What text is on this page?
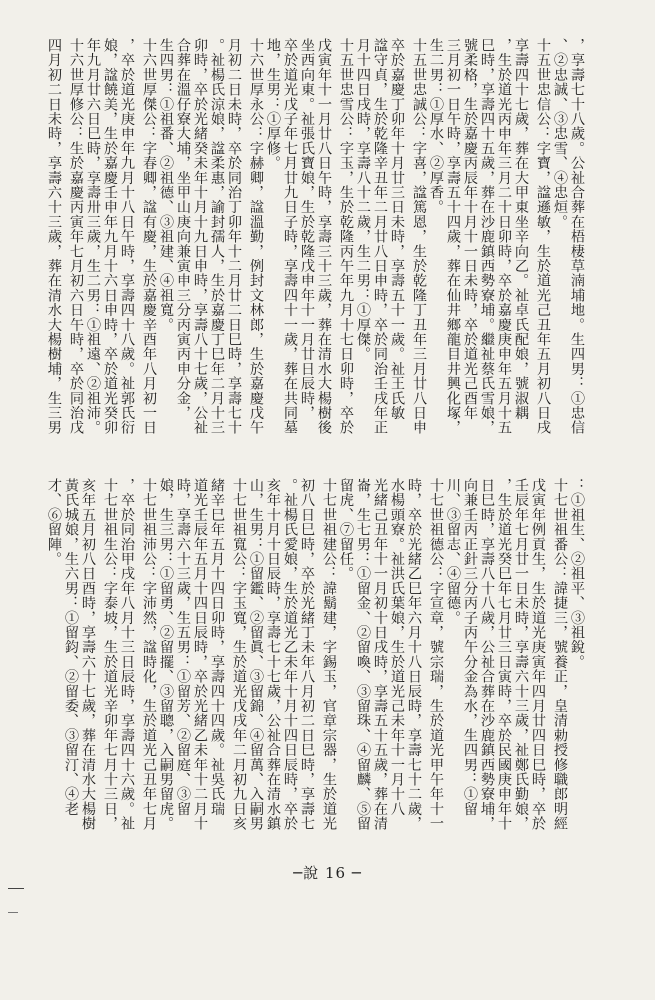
，享壽七十八歲。公祉合葬在梧棲草湳埔地。生四男：①忠信
、②忠誠、③忠雪、④忠烜。
十五世忠信公：字寶，諡遜敏，生於道光己丑年五月初八日戌
享壽四十七歲，葬在大甲東坐辛向乙。祉卓氏配娘，號淑耦
，生於道光丙申年三月二十日卯時，卒於嘉慶庚申年五月十五
巳時，享壽四十五歲，葬在沙鹿鎮西勢寮埔。繼祉蔡氏雪娘，
號柔格，生於嘉慶丙辰年十月十一日未時，卒於道光己酉年
三月初一日午時，享壽五十四歲，葬在仙井鄉龍目井興化塚，
生二男：①厚水、②厚香。
十五世忠誠公：字喜，諡篤恩，生於乾隆丁丑年三月廿八日申
卒於嘉慶丁卯年十月廿三日未時，享壽五十一歲。祉王氏敏
諡守貞，生於乾隆辛丑年二月廿八日申時，卒於同治壬戌年正
月十四日戌時，享壽八十二歲，生二男：①厚傑。
十五世忠雪公：字玉，生於乾隆丙午年九月十七日卯時，卒於
戊寅年十一月廿八日午時，享壽三十三歲，葬在清水大楊樹後
坐西向東。祉張氏寶娘，生於乾隆戊申年十一月廿日辰時，
卒於道光戊子年七月廿九日子時，享壽四十一歲，葬在共同墓
地，生男：①厚修。
十六世厚永公：字赫卿，諡溫勤，例封文林郎，生於嘉慶戊午
月初二日未時，卒於同治丁卯年十二月廿二日巳時，享壽七十
。祉楊氏涼娘，諡柔惠，諭封孺人，生於嘉慶丁巳年二月十三
卯時，卒於光緒癸未年十月十九日申時，享壽八十七歲，公祉
合葬在溫仔寮大埔，坐甲山庚向兼寅申三分丙寅丙申分金，
生四男：①祖番、②祖德、③祖建、④祖寬。
十六世厚傑公：字春卿，諡有慶，生於嘉慶辛酉年八月初一日
，卒於道光庚申年九月十八日午時，享壽四十八歲。祉郭氏衍
娘，諡饒美，生於嘉慶壬申年九月十六日申時，卒於道光癸卯
年九月廿六日巳時，享壽卅三歲，生二男：①祖遠、②祖沛。
十六世厚修公：生於嘉慶丙寅年七月初六日午時，卒於同治戊
四月初二日未時，享壽六十三歲，葬在清水大楊樹埔，生三男
：①祖生、②祖平、③祖銳。
十七世祖番公：諱捷三，號養正，皇清勅授修職郎明經
戊寅年例貢生，生於道光庚寅年四月廿四日巳時，卒於
壬辰年七月廿一日未時，享壽六十三歲，祉鄭氏勤娘，
，生於道光癸巳年七月廿三日寅時，卒於民國庚申年十
日巳時，享壽八十八歲，公祉合葬在沙鹿鎮西勢寮埔，
向兼壬丙正針三分丙子丙午分金為水，生四男：①留
川、③留志、④留德。
十七世祖德公：字宣章，號宗瑞，生於道光甲午年十一
時，卒於光緒乙巳年六月十八日辰時，享壽七十二歲，
水楊頭寮。祉洪氏葉娘，生於道光己未年十一月十八
光緒己丑年十一月初十日戌時，享壽五十五歲，葬在清
崙，生七男：①留金、②留喚、③留珠、④留麟、⑤留
留虎、⑦留任。
十七世祖建公：諱鬍建，字錫玉，官章宗器，生於道光
初八日巳時，卒於光緒丁未年八月初二日巳時，享壽七
。祉楊氏愛娘，生於道光乙未年十月十四日辰時，卒於
亥年十月十日辰時，享壽七十七歲，公祉合葬在清水鎮
山，生男：①留鑑、②留眞、③留錦、④留萬、入嗣男
十七世祖寬公：字玉寬，生於道光戊戌年二月初九日亥
緒辛巳年五月十四日卯時，享壽四十四歲。祉吳氏瑞
道光壬辰年五月十四日辰時，卒於光緒乙未年十二月十
時，享壽六十三歲，生五男：①留芳、②留庭、③留
娘，生三男：①留勇、②留擺、③留聰，入嗣男留虎。
十七世祖沛公：字沛然，諡時化，生於道光己丑年七月
，卒於同治甲戌年八月十三日辰時，享壽四十六歲。祉
十七世祖生公：字泰坡，生於道光辛卯年七月十三日，
亥年五月初八日酉時，享壽六十七歲，葬在清水大楊樹
黃氏城娘，生六男：①留鈞、②留委、③留汀、④老
才、⑥留陣。
─說 16 ─
